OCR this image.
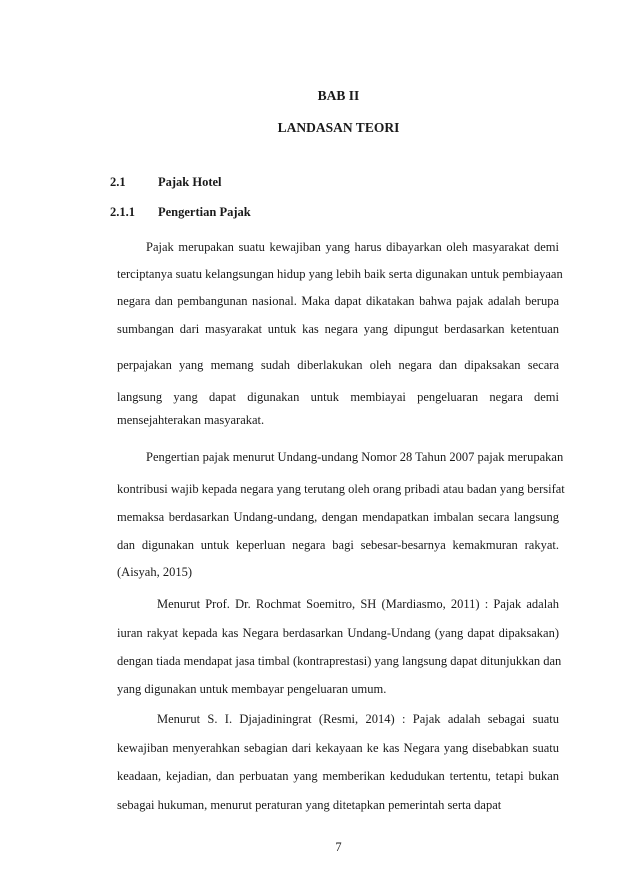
BAB II
LANDASAN TEORI
2.1	Pajak Hotel
2.1.1 Pengertian Pajak
Pajak merupakan suatu kewajiban yang harus dibayarkan oleh masyarakat demi
terciptanya suatu kelangsungan hidup yang lebih baik serta digunakan untuk pembiayaan
negara dan pembangunan nasional. Maka dapat dikatakan bahwa pajak adalah berupa
sumbangan dari masyarakat untuk kas negara yang dipungut berdasarkan ketentuan
perpajakan yang memang sudah diberlakukan oleh negara dan dipaksakan secara
langsung yang dapat digunakan untuk membiayai pengeluaran negara demi
mensejahterakan masyarakat.
Pengertian pajak menurut Undang-undang Nomor 28 Tahun 2007 pajak merupakan
kontribusi wajib kepada negara yang terutang oleh orang pribadi atau badan yang bersifat
memaksa berdasarkan Undang-undang, dengan mendapatkan imbalan secara langsung
dan digunakan untuk keperluan negara bagi sebesar-besarnya kemakmuran rakyat.
(Aisyah, 2015)
Menurut Prof. Dr. Rochmat Soemitro, SH (Mardiasmo, 2011) : Pajak adalah
iuran rakyat kepada kas Negara berdasarkan Undang-Undang (yang dapat dipaksakan)
dengan tiada mendapat jasa timbal (kontraprestasi) yang langsung dapat ditunjukkan dan
yang digunakan untuk membayar pengeluaran umum.
Menurut S. I. Djajadiningrat (Resmi, 2014) : Pajak adalah sebagai suatu
kewajiban menyerahkan sebagian dari kekayaan ke kas Negara yang disebabkan suatu
keadaan, kejadian, dan perbuatan yang memberikan kedudukan tertentu, tetapi bukan
sebagai hukuman, menurut peraturan yang ditetapkan pemerintah serta dapat
7
